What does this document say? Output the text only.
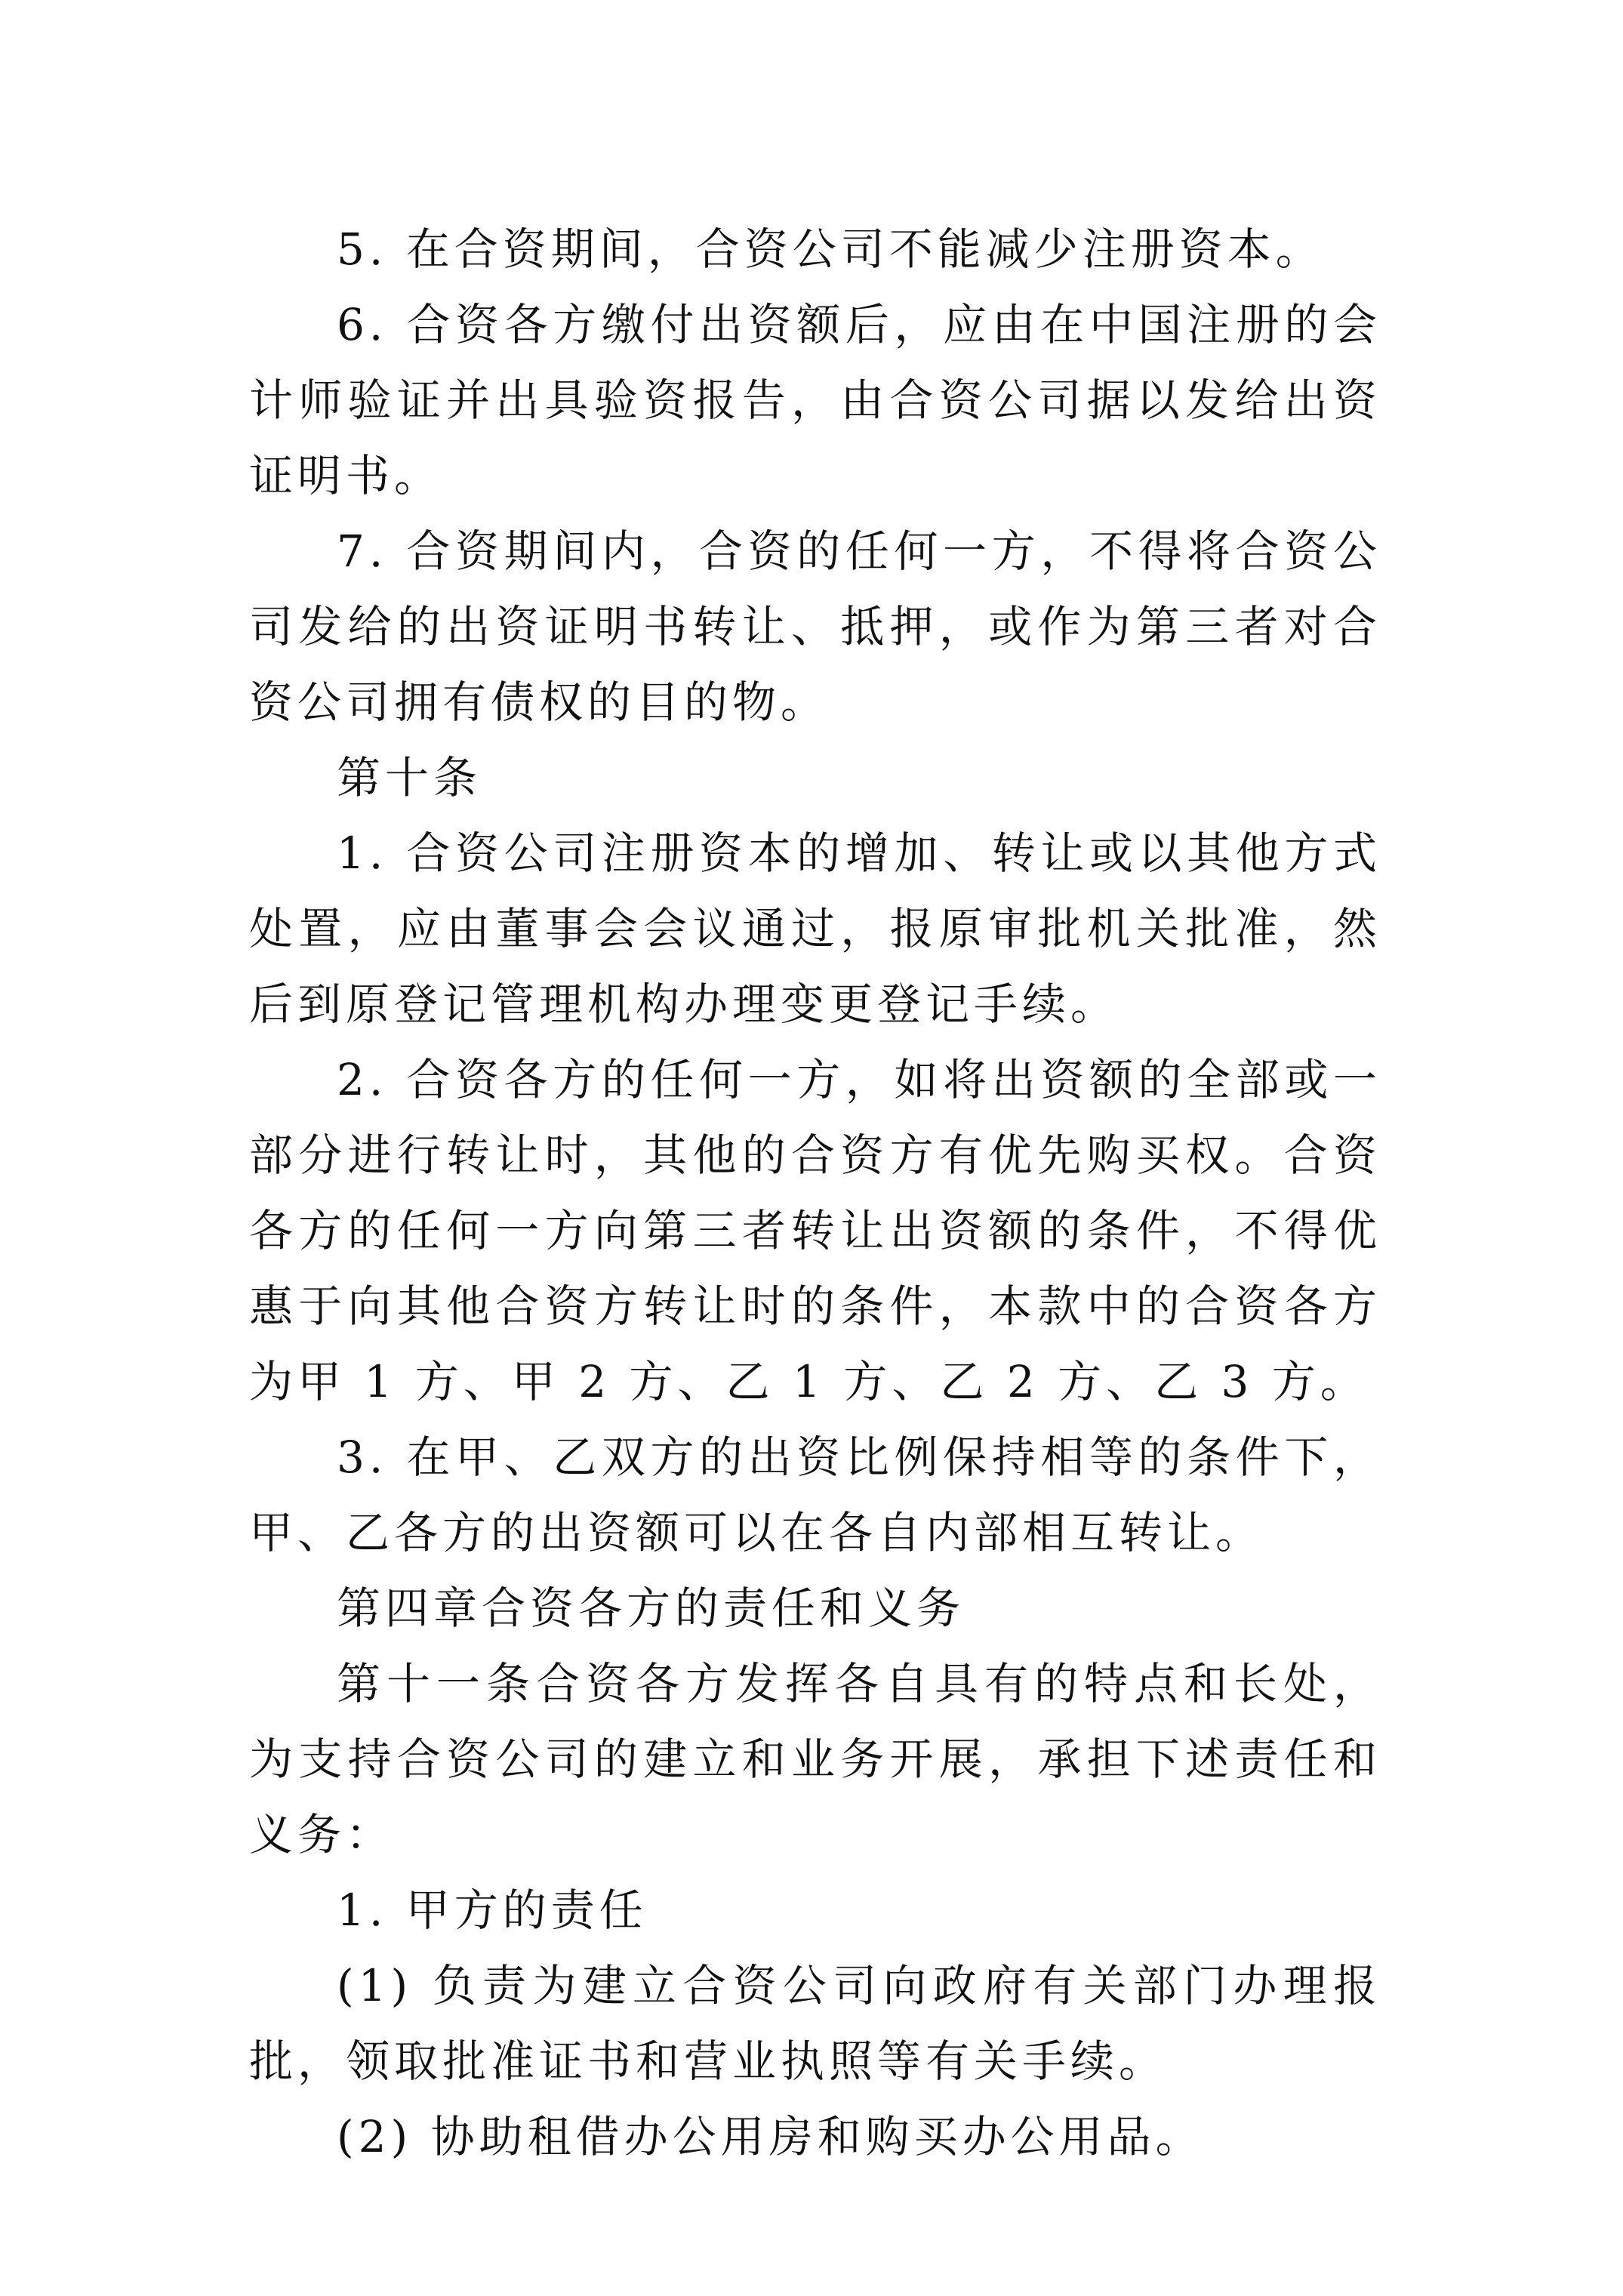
5. 在合资期间，合资公司不能减少注册资本。

6. 合资各方缴付出资额后，应由在中国注册的会计师验证并出具验资报告，由合资公司据以发给出资证明书。

7. 合资期间内，合资的任何一方，不得将合资公司发给的出资证明书转让、抵押，或作为第三者对合资公司拥有债权的目的物。

第十条

1. 合资公司注册资本的增加、转让或以其他方式处置，应由董事会会议通过，报原审批机关批准，然后到原登记管理机构办理变更登记手续。

2. 合资各方的任何一方，如将出资额的全部或一部分进行转让时，其他的合资方有优先购买权。合资各方的任何一方向第三者转让出资额的条件，不得优惠于向其他合资方转让时的条件，本款中的合资各方为甲 1 方、甲 2 方、乙 1 方、乙 2 方、乙 3 方。

3. 在甲、乙双方的出资比例保持相等的条件下，甲、乙各方的出资额可以在各自内部相互转让。

第四章合资各方的责任和义务

第十一条合资各方发挥各自具有的特点和长处，为支持合资公司的建立和业务开展，承担下述责任和义务：

1. 甲方的责任

(1) 负责为建立合资公司向政府有关部门办理报批，领取批准证书和营业执照等有关手续。

(2) 协助租借办公用房和购买办公用品。
